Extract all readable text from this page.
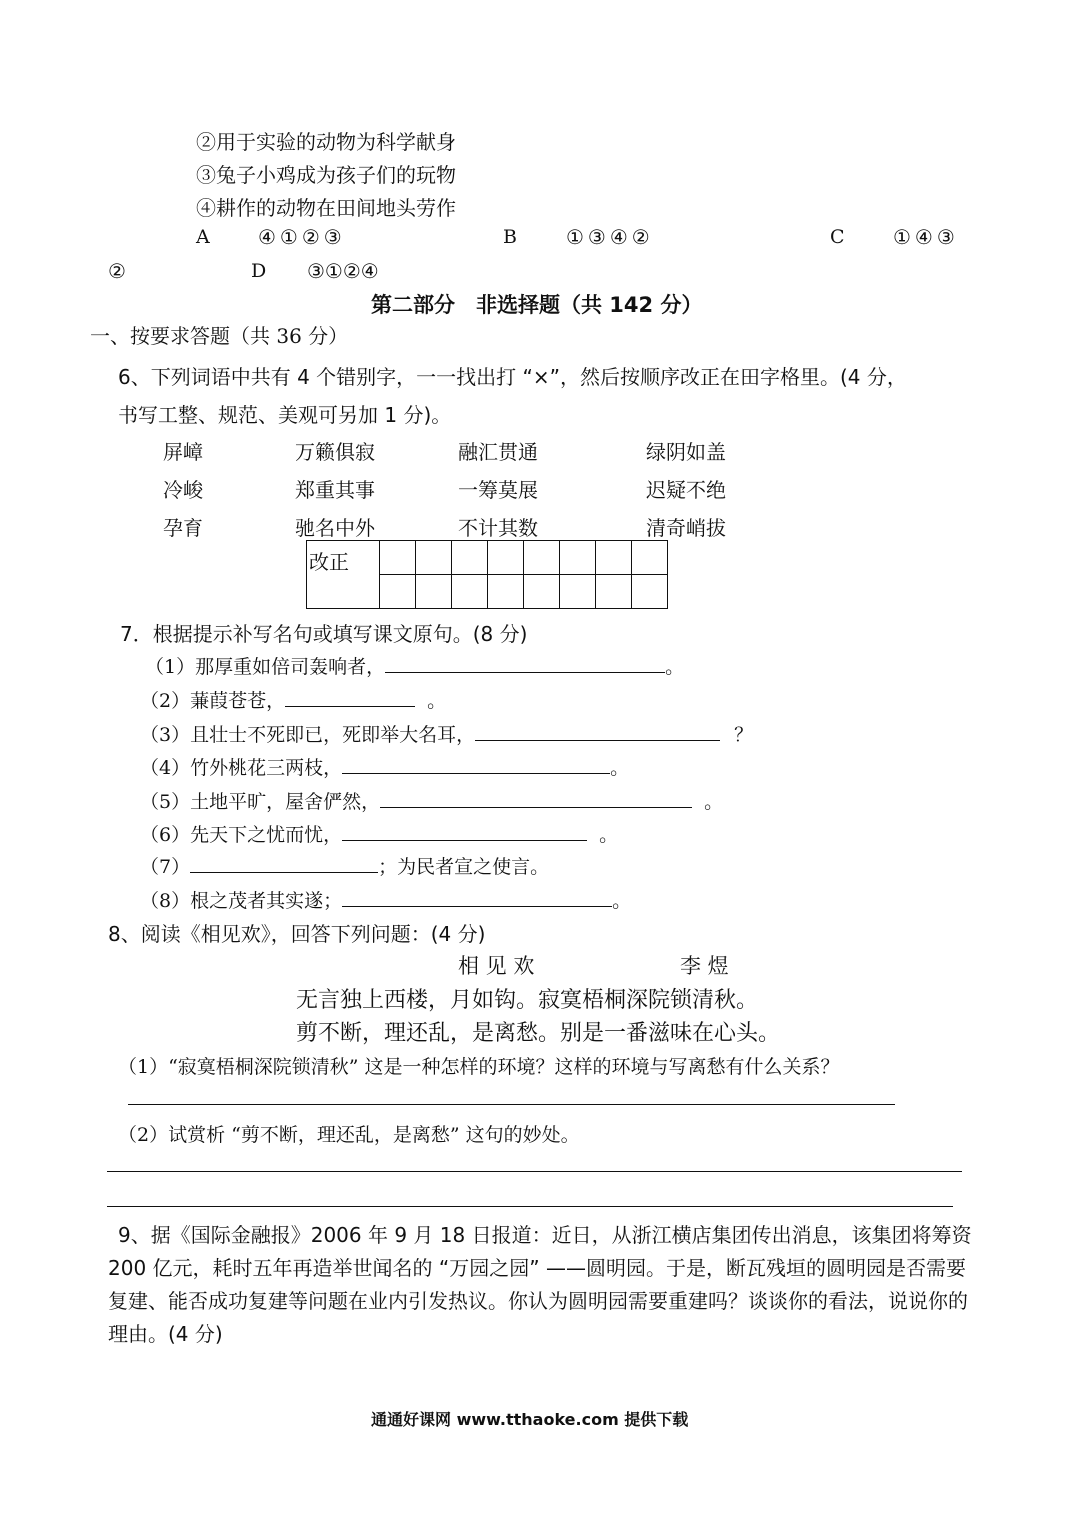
②用于实验的动物为科学献身
③兔子小鸡成为孩子们的玩物
④耕作的动物在田间地头劳作
A ④①②③	B ①③④②	C ①④③
②	D ③①②④
第二部分　非选择题（共 142 分）
一、按要求答题（共 36 分）
6、下列词语中共有 4 个错别字，一一找出打 “×”，然后按顺序改正在田字格里。(4 分，
书写工整、规范、美观可另加 1 分)。
屏嶂	万籁俱寂	融汇贯通	绿阴如盖
冷峻	郑重其事	一筹莫展	迟疑不绝
孕育	驰名中外	不计其数	清奇峭拔
改正								

7．根据提示补写名句或填写课文原句。(8 分)
（1）那厚重如倍司轰响者，	。
（2）蒹葭苍苍，	。
（3）且壮士不死即已，死即举大名耳，	？
（4）竹外桃花三两枝，	。
（5）土地平旷，屋舍俨然，	。
（6）先天下之忧而忧，	。
（7）	；为民者宣之使言。
（8）根之茂者其实遂；	。
8、阅读《相见欢》，回答下列问题：(4 分)
相 见 欢	李 煜
无言独上西楼，月如钩。寂寞梧桐深院锁清秋。
剪不断，理还乱，是离愁。别是一番滋味在心头。
（1）“寂寞梧桐深院锁清秋” 这是一种怎样的环境？这样的环境与写离愁有什么关系？
（2）试赏析 “剪不断，理还乱，是离愁” 这句的妙处。
9、据《国际金融报》2006 年 9 月 18 日报道：近日，从浙江横店集团传出消息，该集团将筹资
200 亿元，耗时五年再造举世闻名的 “万园之园” ——圆明园。于是，断瓦残垣的圆明园是否需要
复建、能否成功复建等问题在业内引发热议。你认为圆明园需要重建吗？谈谈你的看法，说说你的
理由。(4 分)
通通好课网 www.tthaoke.com 提供下载
